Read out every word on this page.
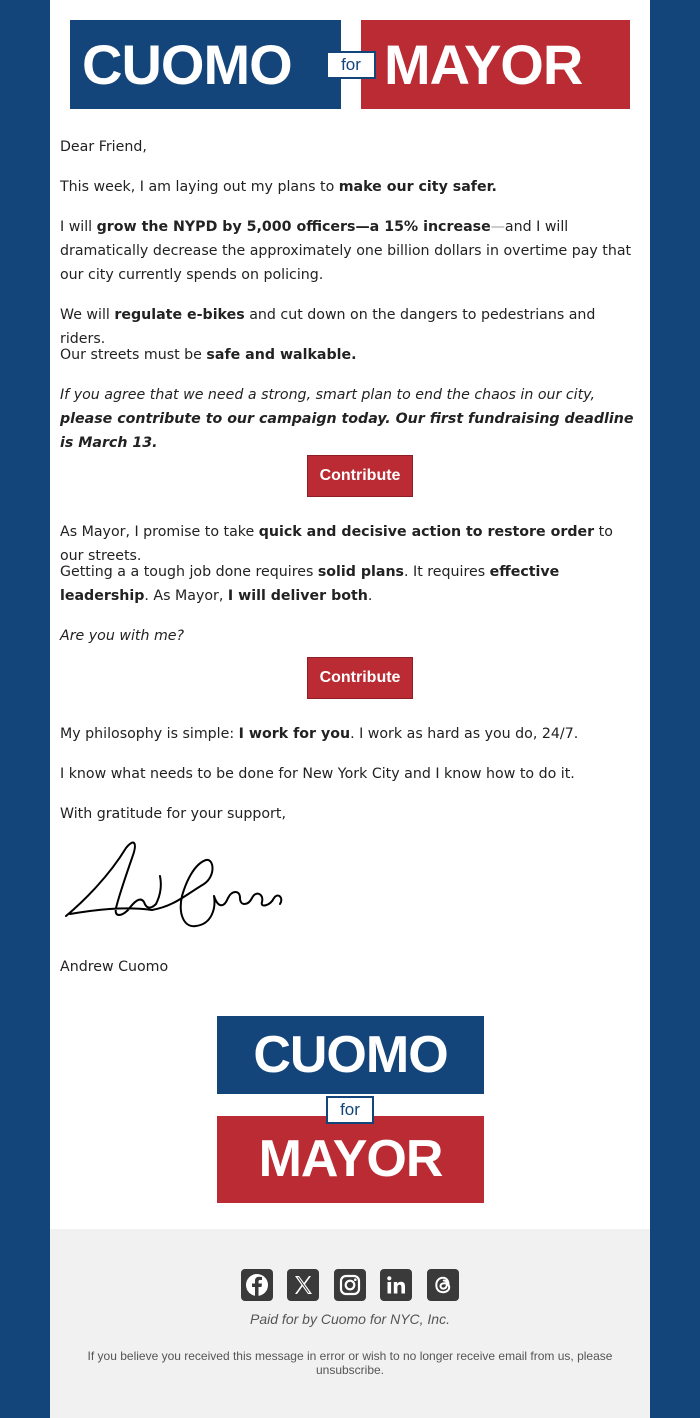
CUOMO MAYOR
for
Dear Friend,
This week, I am laying out my plans to make our city safer.
I will grow the NYPD by 5,000 officers—a 15% increase—and I will dramatically decrease the approximately one billion dollars in overtime pay that our city currently spends on policing.
We will regulate e-bikes and cut down on the dangers to pedestrians and riders.
Our streets must be safe and walkable.
If you agree that we need a strong, smart plan to end the chaos in our city, please contribute to our campaign today. Our first fundraising deadline is March 13.
Contribute
As Mayor, I promise to take quick and decisive action to restore order to our streets.
Getting a a tough job done requires solid plans. It requires effective leadership. As Mayor, I will deliver both.
Are you with me?
Contribute
My philosophy is simple: I work for you. I work as hard as you do, 24/7.
I know what needs to be done for New York City and I know how to do it.
With gratitude for your support,
Andrew Cuomo
CUOMO
MAYOR
for
Paid for by Cuomo for NYC, Inc.
If you believe you received this message in error or wish to no longer receive email from us, please unsubscribe.
